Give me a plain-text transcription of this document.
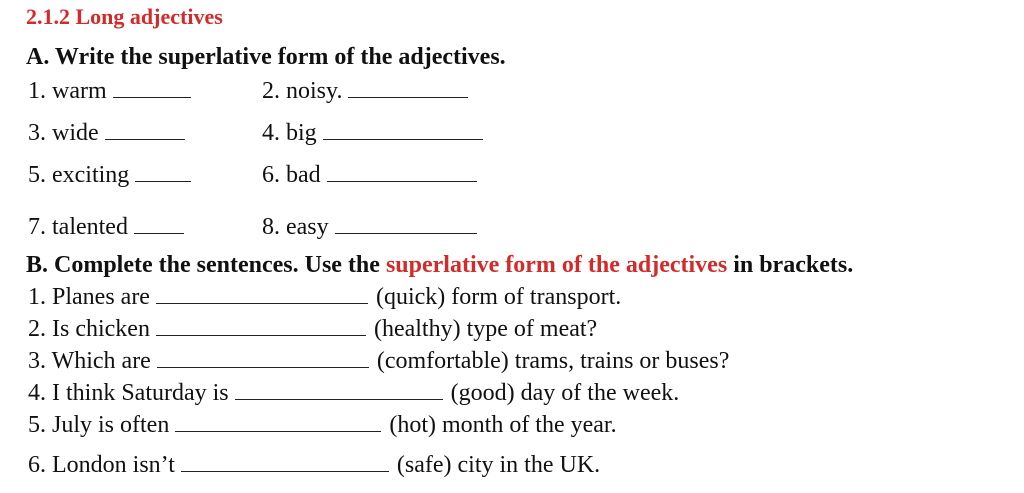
2.1.2 Long adjectives
A. Write the superlative form of the adjectives.
1. warm	2. noisy.
3. wide	4. big
5. exciting	6. bad
7. talented	8. easy
B. Complete the sentences. Use the superlative form of the adjectives in brackets.
1. Planes are	(quick) form of transport.
2. Is chicken	(healthy) type of meat?
3. Which are	(comfortable) trams, trains or buses?
4. I think Saturday is	(good) day of the week.
5. July is often	(hot) month of the year.
6. London isn’t	(safe) city in the UK.
